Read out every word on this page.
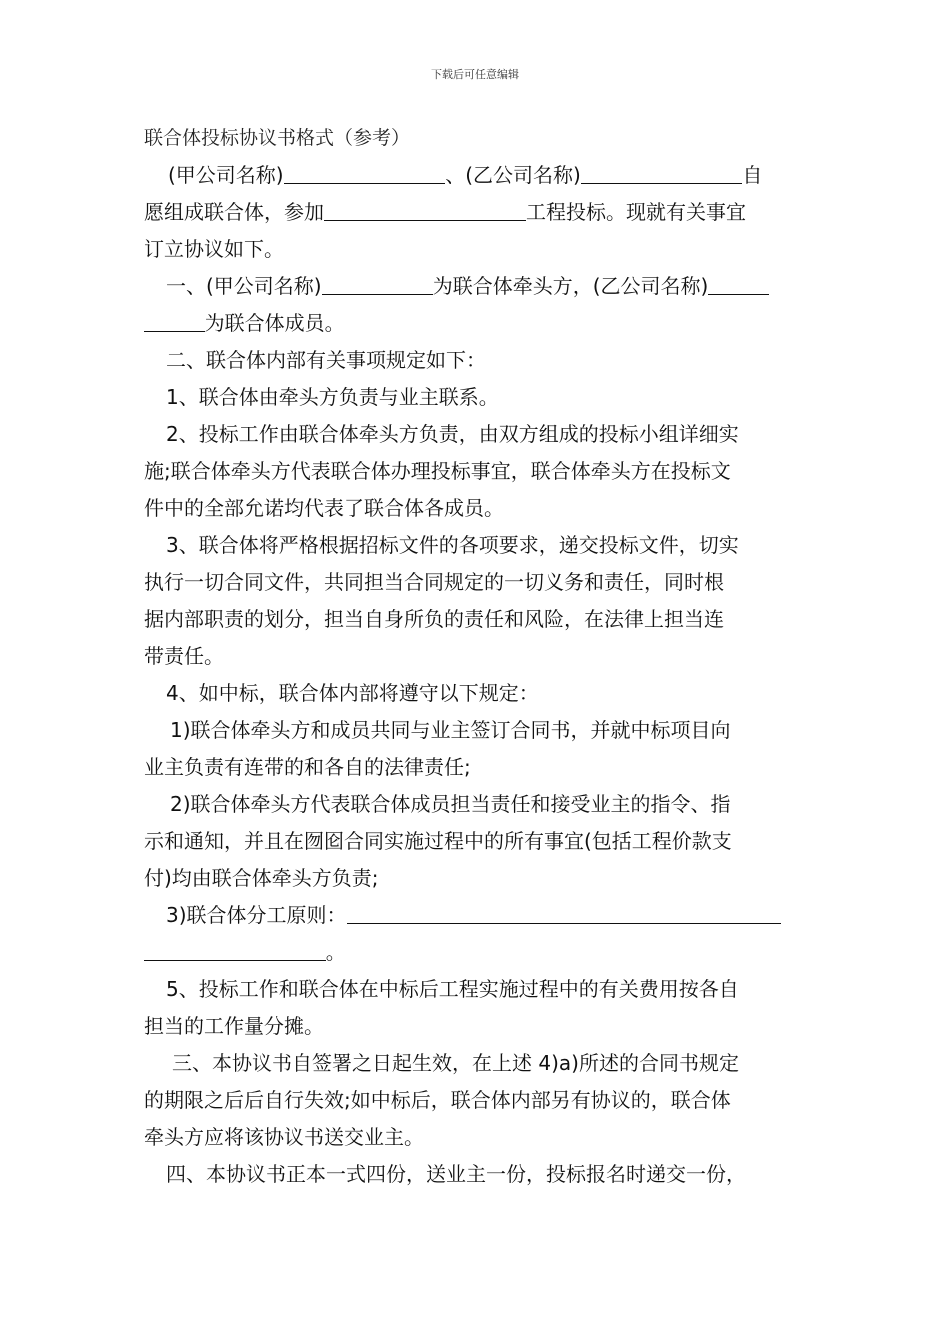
下载后可任意编辑
联合体投标协议书格式（参考）
(甲公司名称)	、(乙公司名称)	自
愿组成联合体，参加	工程投标。现就有关事宜
订立协议如下。
一、(甲公司名称)	为联合体牵头方，(乙公司名称)
为联合体成员。
二、联合体内部有关事项规定如下：
1、联合体由牵头方负责与业主联系。
2、投标工作由联合体牵头方负责，由双方组成的投标小组详细实
施;联合体牵头方代表联合体办理投标事宜，联合体牵头方在投标文
件中的全部允诺均代表了联合体各成员。
3、联合体将严格根据招标文件的各项要求，递交投标文件，切实
执行一切合同文件，共同担当合同规定的一切义务和责任，同时根
据内部职责的划分，担当自身所负的责任和风险，在法律上担当连
带责任。
4、如中标，联合体内部将遵守以下规定：
1)联合体牵头方和成员共同与业主签订合同书，并就中标项目向
业主负责有连带的和各自的法律责任;
2)联合体牵头方代表联合体成员担当责任和接受业主的指令、指
示和通知，并且在囫囵合同实施过程中的所有事宜(包括工程价款支
付)均由联合体牵头方负责;
3)联合体分工原则：
。
5、投标工作和联合体在中标后工程实施过程中的有关费用按各自
担当的工作量分摊。
三、本协议书自签署之日起生效，在上述 4)a)所述的合同书规定
的期限之后后自行失效;如中标后，联合体内部另有协议的，联合体
牵头方应将该协议书送交业主。
四、本协议书正本一式四份，送业主一份，投标报名时递交一份，
